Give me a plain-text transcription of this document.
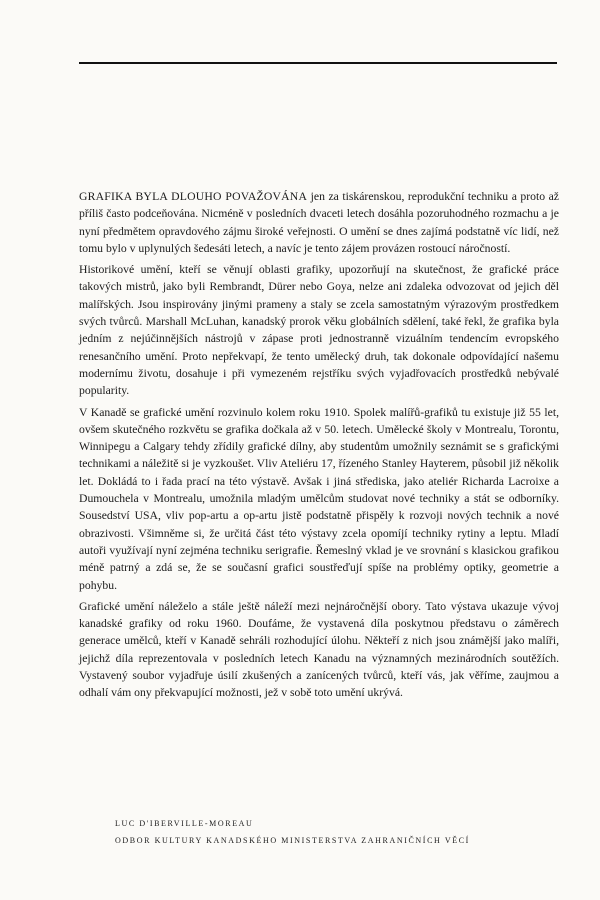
GRAFIKA BYLA DLOUHO POVAŽOVÁNA jen za tiskárenskou, reprodukční techniku a proto až příliš často podceňována. Nicméně v posledních dvaceti letech dosáhla pozoruhodného rozmachu a je nyní předmětem opravdového zájmu široké veřejnosti. O umění se dnes zajímá podstatně víc lidí, než tomu bylo v uplynulých šedesáti letech, a navíc je tento zájem provázen rostoucí náročností.

Historikové umění, kteří se věnují oblasti grafiky, upozorňují na skutečnost, že grafické práce takových mistrů, jako byli Rembrandt, Dürer nebo Goya, nelze ani zdaleka odvozovat od jejich děl malířských. Jsou inspirovány jinými prameny a staly se zcela samostatným výrazovým prostředkem svých tvůrců. Marshall McLuhan, kanadský prorok věku globálních sdělení, také řekl, že grafika byla jedním z nejúčinnějších nástrojů v zápase proti jednostranně vizuálním tendencím evropského renesančního umění. Proto nepřekvapí, že tento umělecký druh, tak dokonale odpovídající našemu modernímu životu, dosahuje i při vymezeném rejstříku svých vyjadřovacích prostředků nebývalé popularity.

V Kanadě se grafické umění rozvinulo kolem roku 1910. Spolek malířů-grafiků tu existuje již 55 let, ovšem skutečného rozkvětu se grafika dočkala až v 50. letech. Umělecké školy v Montrealu, Torontu, Winnipegu a Calgary tehdy zřídily grafické dílny, aby studentům umožnily seznámit se s grafickými technikami a náležitě si je vyzkoušet. Vliv Ateliéru 17, řízeného Stanley Hayterem, působil již několik let. Dokládá to i řada prací na této výstavě. Avšak i jiná střediska, jako ateliér Richarda Lacroixe a Dumouchela v Montrealu, umožnila mladým umělcům studovat nové techniky a stát se odborníky. Sousedství USA, vliv pop-artu a op-artu jistě podstatně přispěly k rozvoji nových technik a nové obrazivosti. Všimněme si, že určitá část této výstavy zcela opomíjí techniky rytiny a leptu. Mladí autoři využívají nyní zejména techniku serigrafie. Řemeslný vklad je ve srovnání s klasickou grafikou méně patrný a zdá se, že se současní grafici soustřeďují spíše na problémy optiky, geometrie a pohybu.

Grafické umění náleželo a stále ještě náleží mezi nejnáročnější obory. Tato výstava ukazuje vývoj kanadské grafiky od roku 1960. Doufáme, že vystavená díla poskytnou představu o záměrech generace umělců, kteří v Kanadě sehráli rozhodující úlohu. Někteří z nich jsou známější jako malíři, jejichž díla reprezentovala v posledních letech Kanadu na významných mezinárodních soutěžích. Vystavený soubor vyjadřuje úsilí zkušených a zanícených tvůrců, kteří vás, jak věříme, zaujmou a odhalí vám ony překvapující možnosti, jež v sobě toto umění ukrývá.

LUC D'IBERVILLE-MOREAU
ODBOR KULTURY KANADSKÉHO MINISTERSTVA ZAHRANIČNÍCH VĚCÍ
